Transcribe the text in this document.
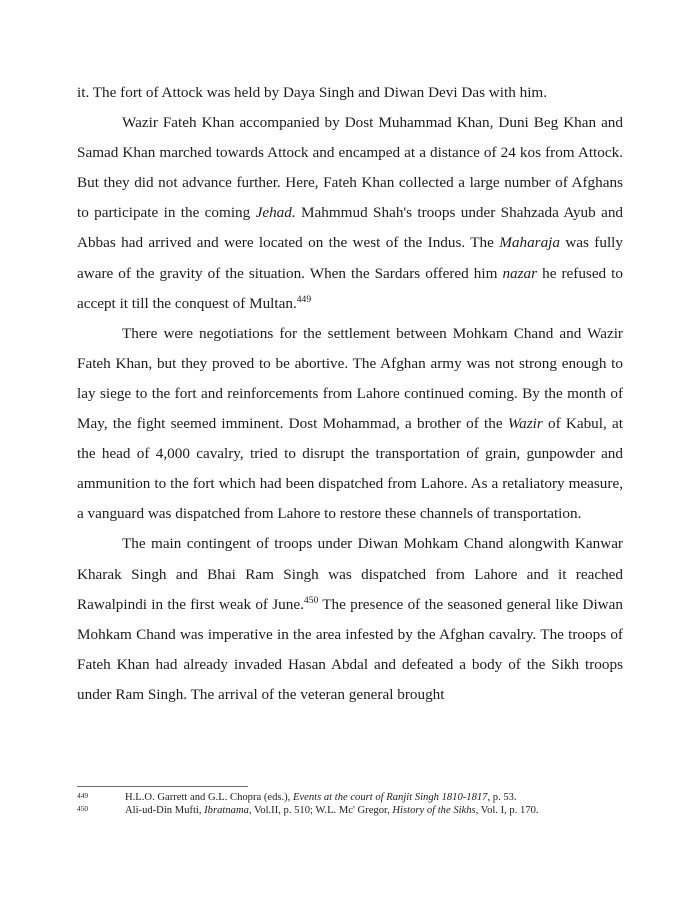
it. The fort of Attock was held by Daya Singh and Diwan Devi Das with him.

Wazir Fateh Khan accompanied by Dost Muhammad Khan, Duni Beg Khan and Samad Khan marched towards Attock and encamped at a distance of 24 kos from Attock. But they did not advance further. Here, Fateh Khan collected a large number of Afghans to participate in the coming Jehad. Mahmmud Shah's troops under Shahzada Ayub and Abbas had arrived and were located on the west of the Indus. The Maharaja was fully aware of the gravity of the situation. When the Sardars offered him nazar he refused to accept it till the conquest of Multan.$^{449}$

There were negotiations for the settlement between Mohkam Chand and Wazir Fateh Khan, but they proved to be abortive. The Afghan army was not strong enough to lay siege to the fort and reinforcements from Lahore continued coming. By the month of May, the fight seemed imminent. Dost Mohammad, a brother of the Wazir of Kabul, at the head of 4,000 cavalry, tried to disrupt the transportation of grain, gunpowder and ammunition to the fort which had been dispatched from Lahore. As a retaliatory measure, a vanguard was dispatched from Lahore to restore these channels of transportation.

The main contingent of troops under Diwan Mohkam Chand alongwith Kanwar Kharak Singh and Bhai Ram Singh was dispatched from Lahore and it reached Rawalpindi in the first weak of June.$^{450}$ The presence of the seasoned general like Diwan Mohkam Chand was imperative in the area infested by the Afghan cavalry. The troops of Fateh Khan had already invaded Hasan Abdal and defeated a body of the Sikh troops under Ram Singh. The arrival of the veteran general brought

449	H.L.O. Garrett and G.L. Chopra (eds.), Events at the court of Ranjit Singh 1810-1817, p. 53.
450	Ali-ud-Din Mufti, Ibratnama, Vol.II, p. 510; W.L. Mc' Gregor, History of the Sikhs, Vol. I, p. 170.
